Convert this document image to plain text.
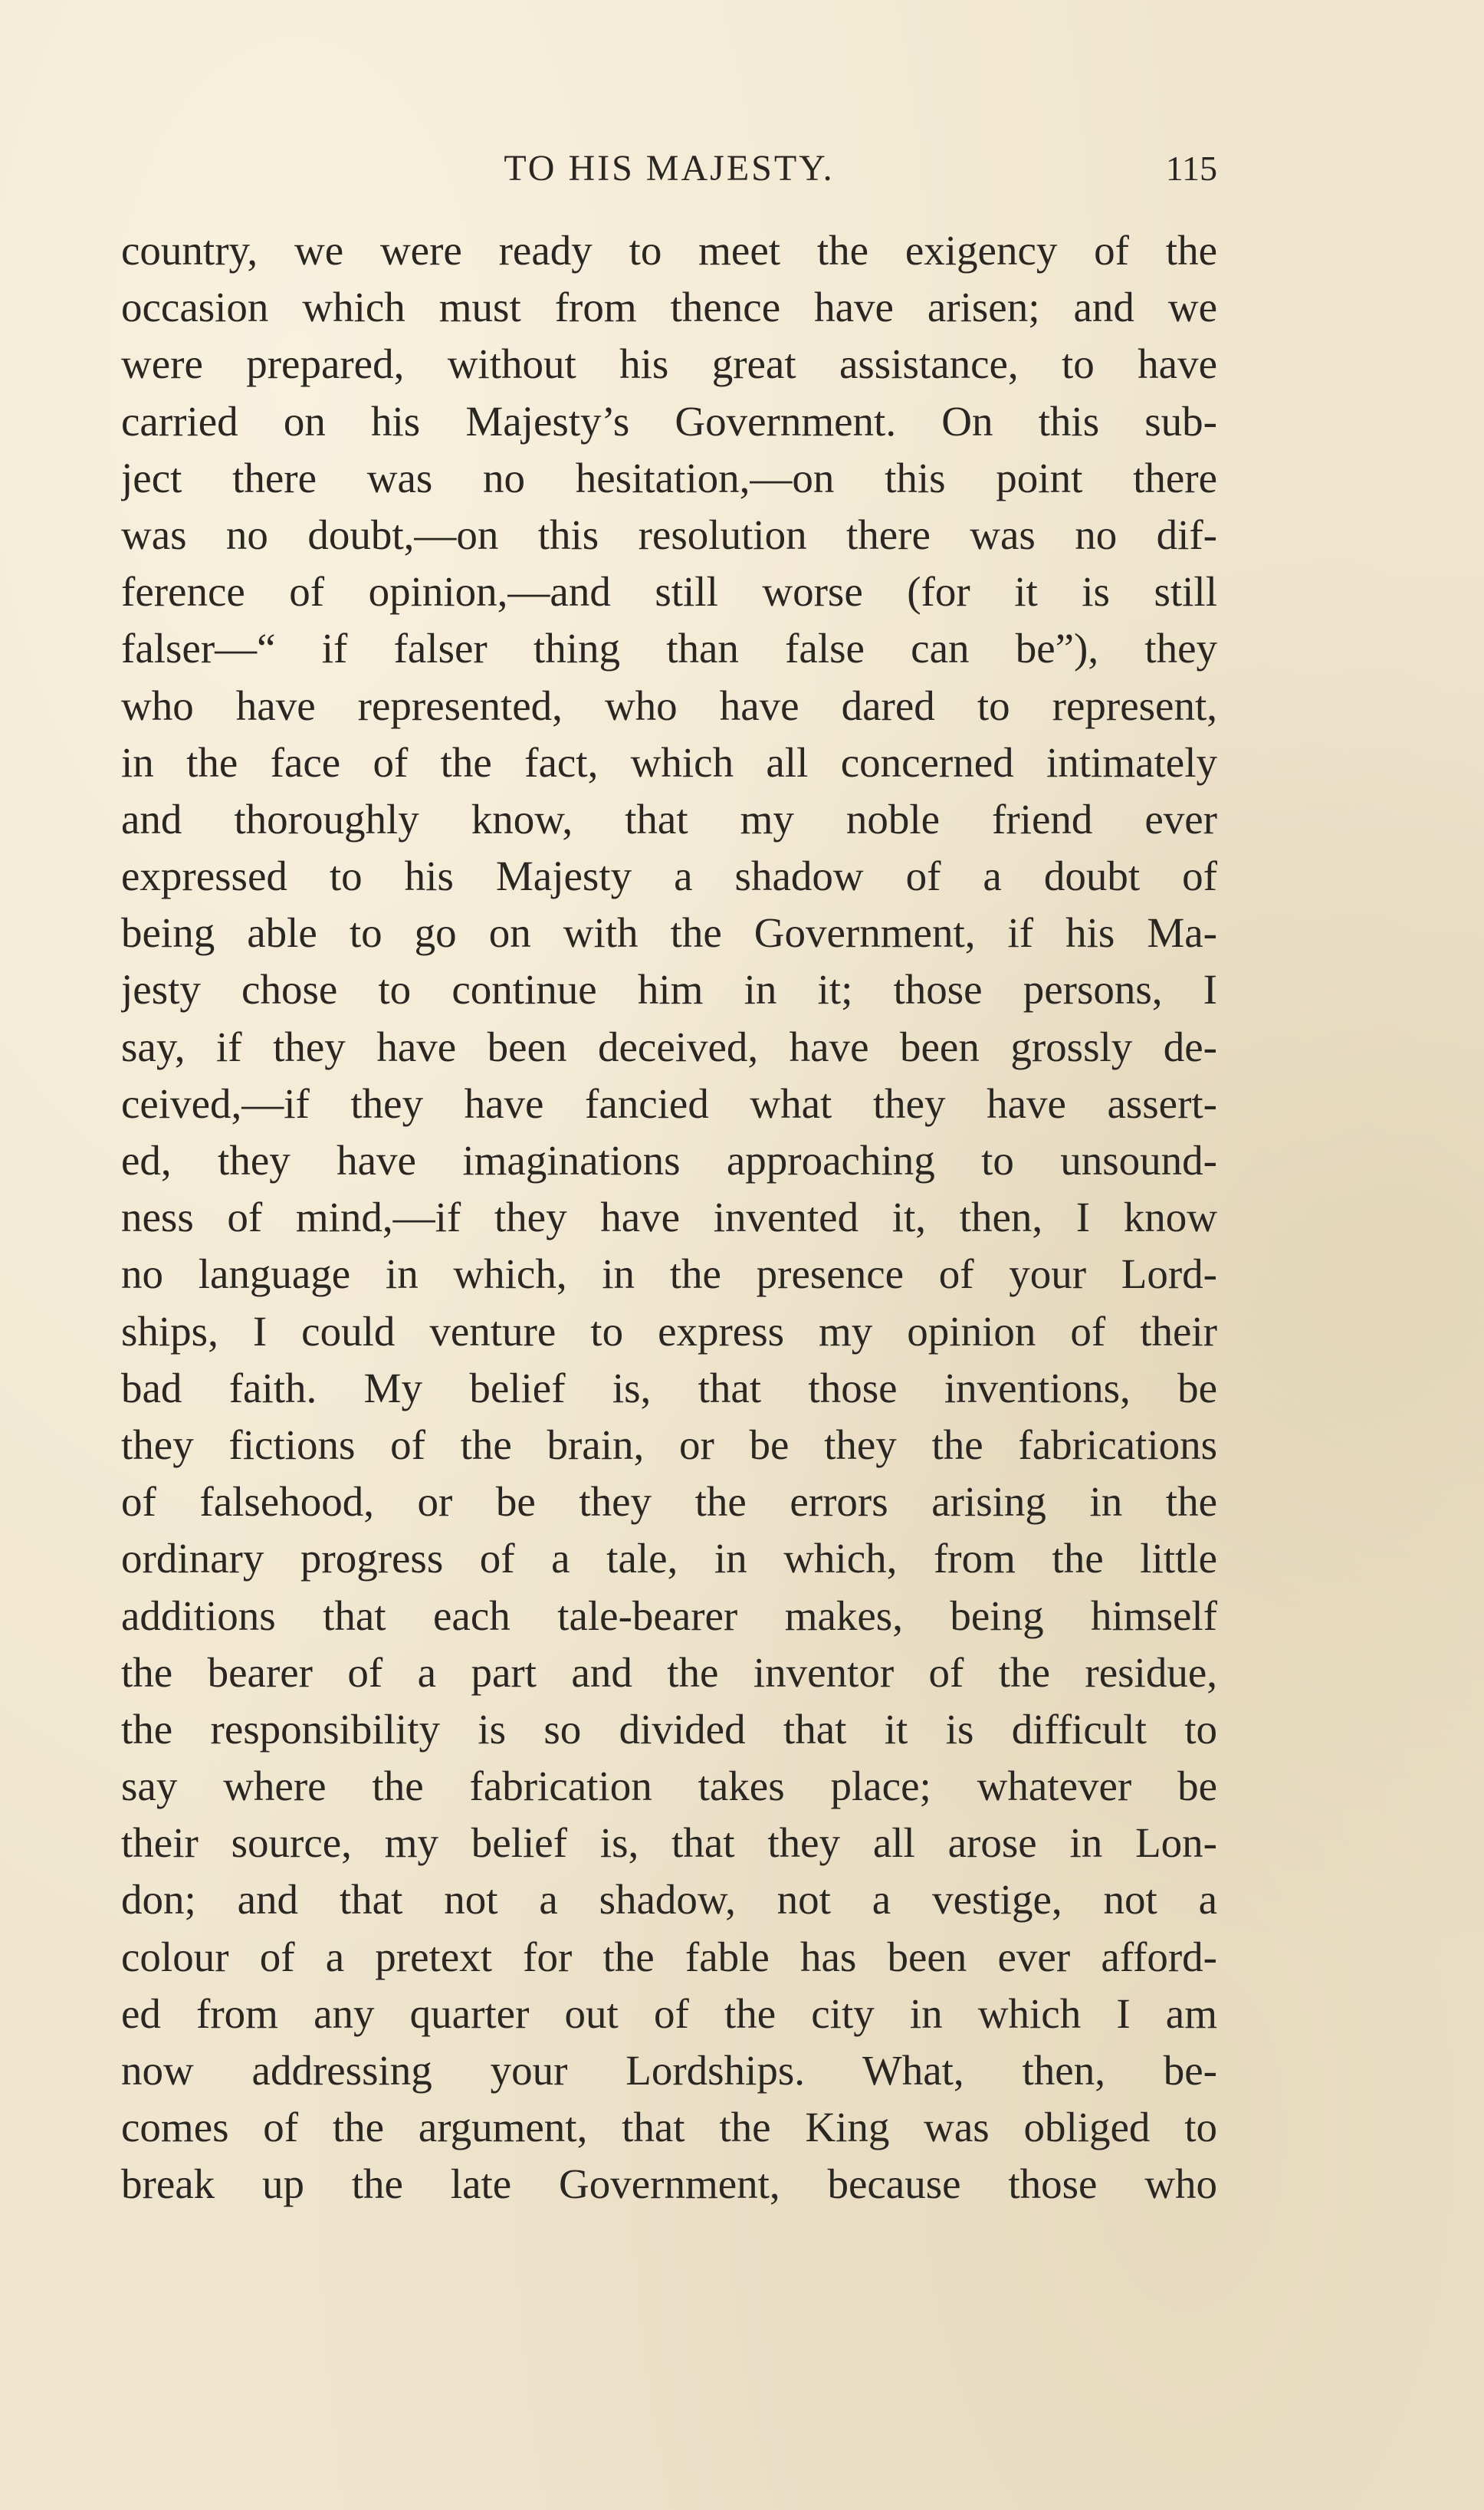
TO HIS MAJESTY.	115
country, we were ready to meet the exigency of the
occasion which must from thence have arisen; and we
were prepared, without his great assistance, to have
carried on his Majesty’s Government. On this sub-
ject there was no hesitation,—on this point there
was no doubt,—on this resolution there was no dif-
ference of opinion,—and still worse (for it is still
falser—“ if falser thing than false can be”), they
who have represented, who have dared to represent,
in the face of the fact, which all concerned intimately
and thoroughly know, that my noble friend ever
expressed to his Majesty a shadow of a doubt of
being able to go on with the Government, if his Ma-
jesty chose to continue him in it; those persons, I
say, if they have been deceived, have been grossly de-
ceived,—if they have fancied what they have assert-
ed, they have imaginations approaching to unsound-
ness of mind,—if they have invented it, then, I know
no language in which, in the presence of your Lord-
ships, I could venture to express my opinion of their
bad faith. My belief is, that those inventions, be
they fictions of the brain, or be they the fabrications
of falsehood, or be they the errors arising in the
ordinary progress of a tale, in which, from the little
additions that each tale-bearer makes, being himself
the bearer of a part and the inventor of the residue,
the responsibility is so divided that it is difficult to
say where the fabrication takes place; whatever be
their source, my belief is, that they all arose in Lon-
don; and that not a shadow, not a vestige, not a
colour of a pretext for the fable has been ever afford-
ed from any quarter out of the city in which I am
now addressing your Lordships. What, then, be-
comes of the argument, that the King was obliged to
break up the late Government, because those who
